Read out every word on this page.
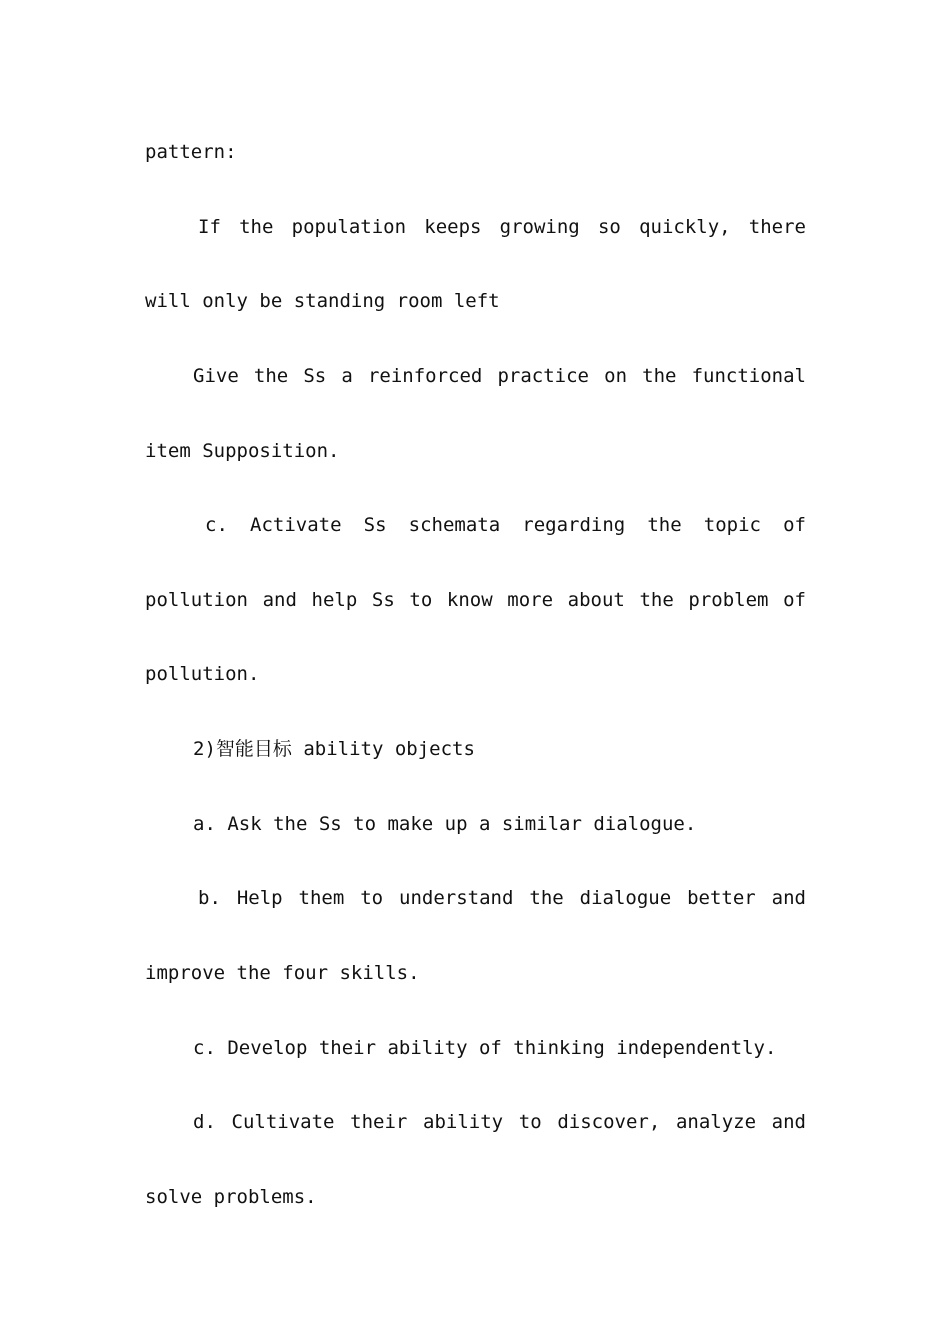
pattern:
If the population keeps growing so quickly, there
will only be standing room left
Give the Ss a reinforced practice on the functional
item Supposition.
c. Activate Ss schemata regarding the topic of
pollution and help Ss to know more about the problem of
pollution.
2)智能目标 ability objects
a. Ask the Ss to make up a similar dialogue.
b. Help them to understand the dialogue better and
improve the four skills.
c. Develop their ability of thinking independently.
d. Cultivate their ability to discover, analyze and
solve problems.
